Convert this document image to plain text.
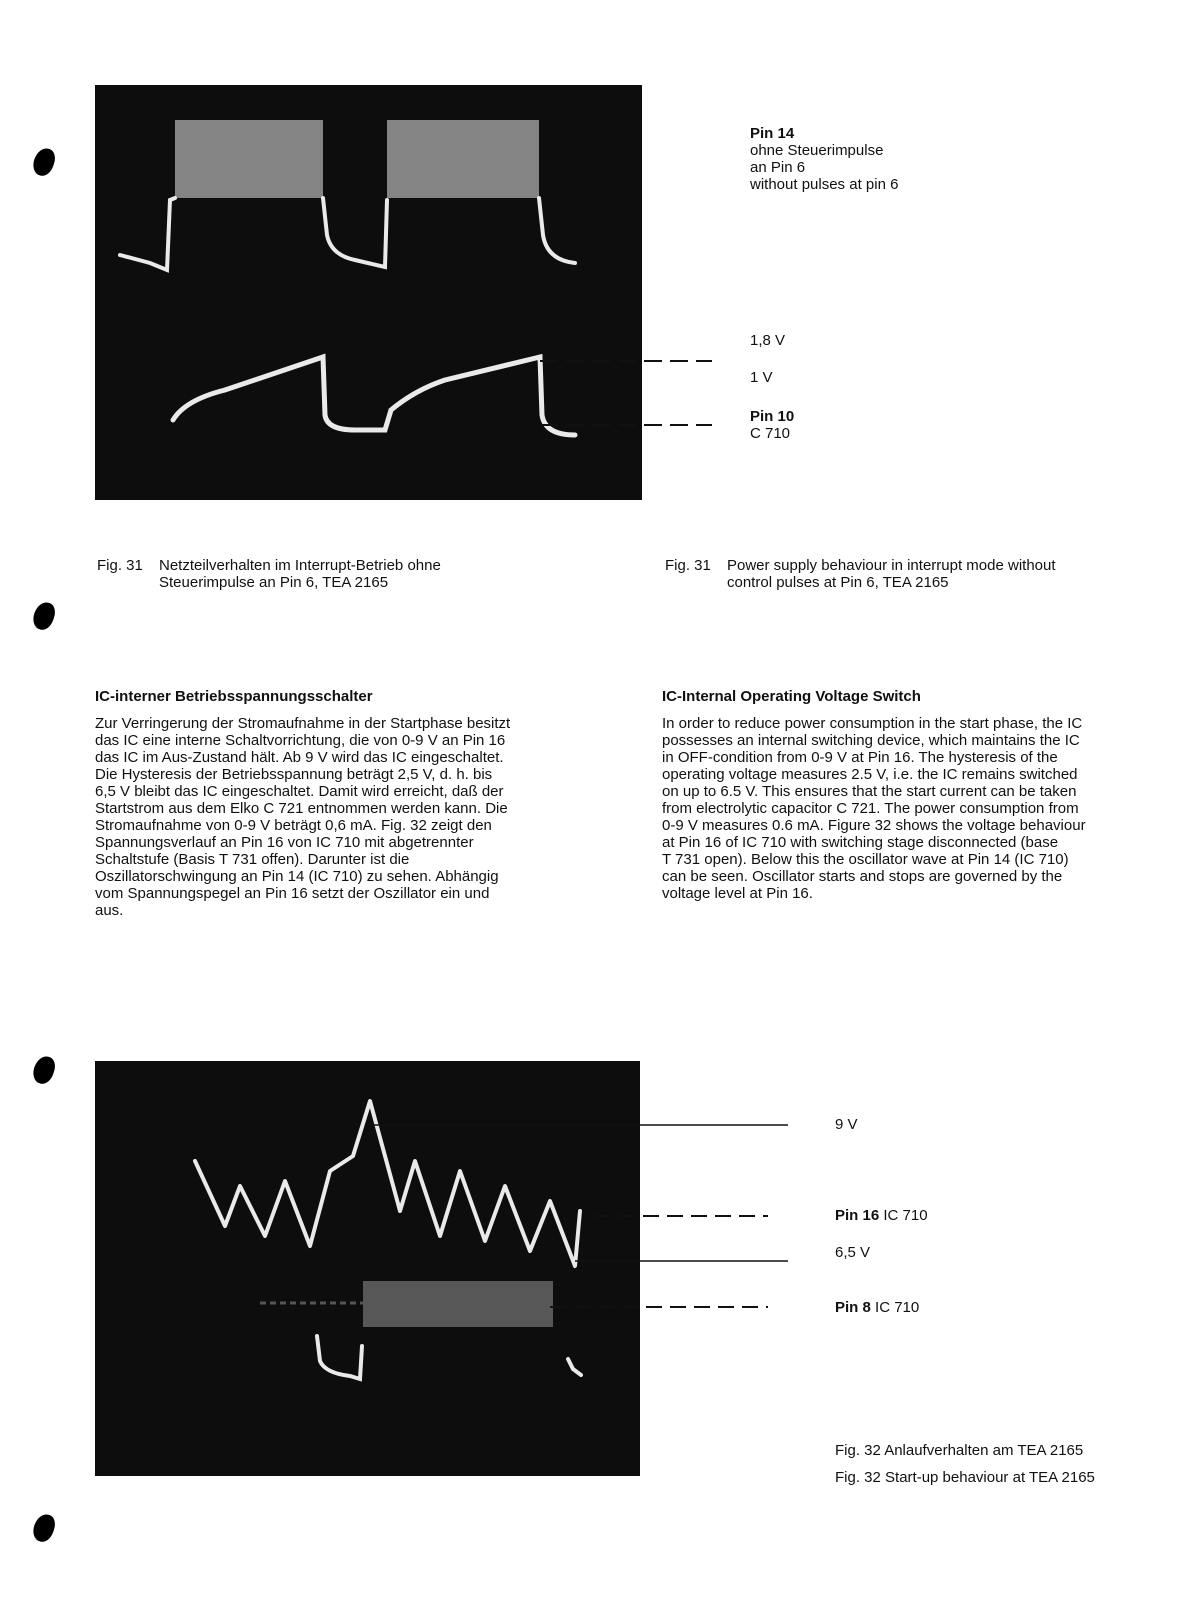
Pin 14
ohne Steuerimpulse
an Pin 6
without pulses at pin 6
1,8 V
1 V
Pin 10
C 710
Fig. 31 Netzteilverhalten im Interrupt-Betrieb ohne
Steuerimpulse an Pin 6, TEA 2165
Fig. 31 Power supply behaviour in interrupt mode without
control pulses at Pin 6, TEA 2165
IC-interner Betriebsspannungsschalter
Zur Verringerung der Stromaufnahme in der Startphase besitzt
das IC eine interne Schaltvorrichtung, die von 0-9 V an Pin 16
das IC im Aus-Zustand hält. Ab 9 V wird das IC eingeschaltet.
Die Hysteresis der Betriebsspannung beträgt 2,5 V, d. h. bis
6,5 V bleibt das IC eingeschaltet. Damit wird erreicht, daß der
Startstrom aus dem Elko C 721 entnommen werden kann. Die
Stromaufnahme von 0-9 V beträgt 0,6 mA. Fig. 32 zeigt den
Spannungsverlauf an Pin 16 von IC 710 mit abgetrennter
Schaltstufe (Basis T 731 offen). Darunter ist die
Oszillatorschwingung an Pin 14 (IC 710) zu sehen. Abhängig
vom Spannungspegel an Pin 16 setzt der Oszillator ein und
aus.
IC-Internal Operating Voltage Switch
In order to reduce power consumption in the start phase, the IC
possesses an internal switching device, which maintains the IC
in OFF-condition from 0-9 V at Pin 16. The hysteresis of the
operating voltage measures 2.5 V, i.e. the IC remains switched
on up to 6.5 V. This ensures that the start current can be taken
from electrolytic capacitor C 721. The power consumption from
0-9 V measures 0.6 mA. Figure 32 shows the voltage behaviour
at Pin 16 of IC 710 with switching stage disconnected (base
T 731 open). Below this the oscillator wave at Pin 14 (IC 710)
can be seen. Oscillator starts and stops are governed by the
voltage level at Pin 16.
9 V
Pin 16 IC 710
6,5 V
Pin 8 IC 710
Fig. 32 Anlaufverhalten am TEA 2165
Fig. 32 Start-up behaviour at TEA 2165
